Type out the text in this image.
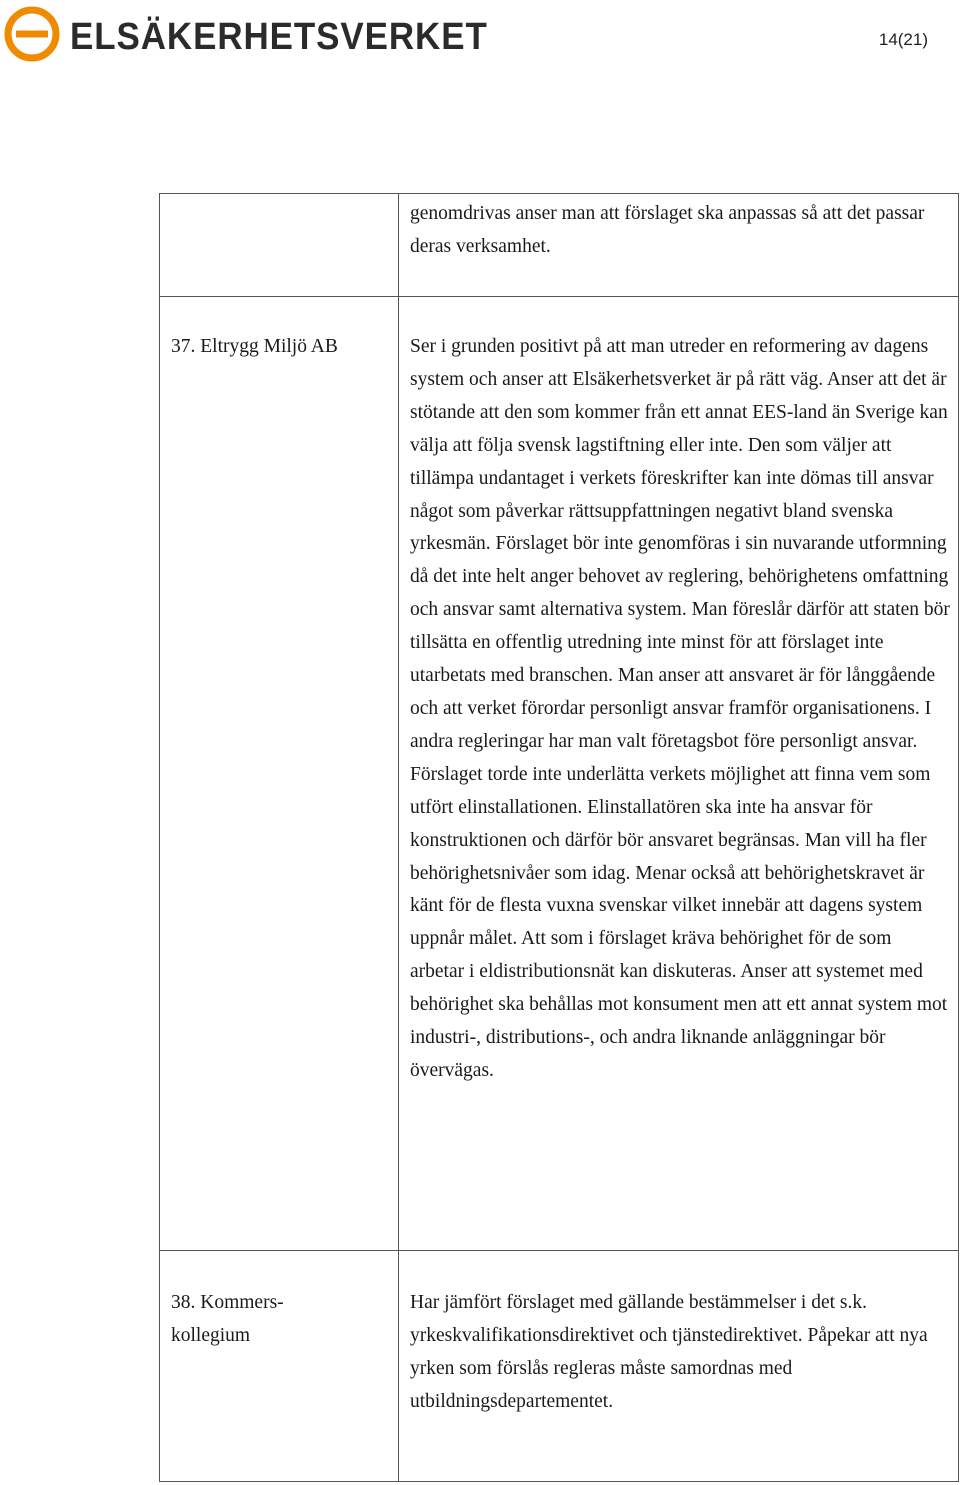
ELSÄKERHETSVERKET	14(21)
genomdrivas anser man att förslaget ska anpassas så att det passar deras verksamhet.
37. Eltrygg Miljö AB	Ser i grunden positivt på att man utreder en reformering av dagens system och anser att Elsäkerhetsverket är på rätt väg. Anser att det är stötande att den som kommer från ett annat EES-land än Sverige kan välja att följa svensk lagstiftning eller inte. Den som väljer att tillämpa undantaget i verkets föreskrifter kan inte dömas till ansvar något som påverkar rättsuppfattningen negativt bland svenska yrkesmän. Förslaget bör inte genomföras i sin nuvarande utformning då det inte helt anger behovet av reglering, behörighetens omfattning och ansvar samt alternativa system. Man föreslår därför att staten bör tillsätta en offentlig utredning inte minst för att förslaget inte utarbetats med branschen. Man anser att ansvaret är för långgående och att verket förordar personligt ansvar framför organisationens. I andra regleringar har man valt företagsbot före personligt ansvar. Förslaget torde inte underlätta verkets möjlighet att finna vem som utfört elinstallationen. Elinstallatören ska inte ha ansvar för konstruktionen och därför bör ansvaret begränsas. Man vill ha fler behörighetsnivåer som idag. Menar också att behörighetskravet är känt för de flesta vuxna svenskar vilket innebär att dagens system uppnår målet. Att som i förslaget kräva behörighet för de som arbetar i eldistributionsnät kan diskuteras. Anser att systemet med behörighet ska behållas mot konsument men att ett annat system mot industri-, distributions-, och andra liknande anläggningar bör övervägas.
38. Kommers-kollegium
Har jämfört förslaget med gällande bestämmelser i det s.k. yrkeskvalifikationsdirektivet och tjänstedirektivet. Påpekar att nya yrken som förslås regleras måste samordnas med utbildningsdepartementet.
